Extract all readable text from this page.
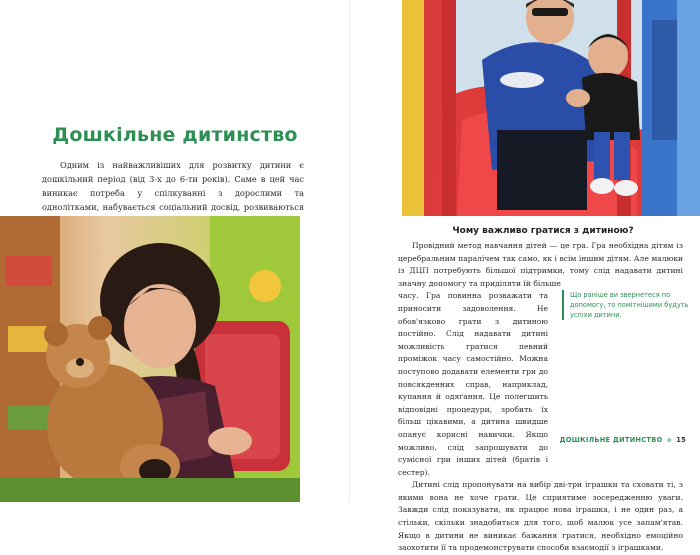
Дошкільне дитинство
Одним із найважливіших для розвитку дитини є дошкільний період (від 3-х до 6-ти років). Саме в цей час виникає потреба у спілкуванні з дорослими та однолітками, набувається соціальний досвід, розвиваються
Чому важливо гратися з дитиною?

Провідний метод навчання дітей — це гра. Гра необхідна дітям із церебральним паралічем так само, як і всім іншим дітям. Але малюки із ДЦП потребують більшої підтримки, тому слід надавати дитині значну допомогу та приділяти їй більше

часу. Гра повинна розважати та приносити задоволення. Не обов'язково грати з дитиною постійно. Слід надавати дитині можливість гратися певний проміжок часу самостійно. Можна поступово додавати елементи гри до повсякденних справ, наприклад, купання й одягання. Це полегшить відповідні процедури, зробить їх більш цікавими, а дитина швидше опанує корисні навички. Якщо можливо, слід запрошувати до сумісної гри інших дітей (братів і сестер).

Дитині слід пропонувати на вибір дві-три іграшки та сховати ті, з якими вона не хоче грати. Це сприятиме зосередженню уваги. Завжди слід показувати, як працює нова іграшка, і не один раз, а стільки, скільки знадобиться для того, щоб малюк усе запам'ятав. Якщо в дитини не виникає бажання гратися, необхідно емоційно заохотити її та продемонструвати способи взаємодії з іграшками.

Що раніше ви звернетеся по допомогу, то помітнішими будуть успіхи дитини.
ДОШКІЛЬНЕ ДИТИНСТВО ◆ 15
